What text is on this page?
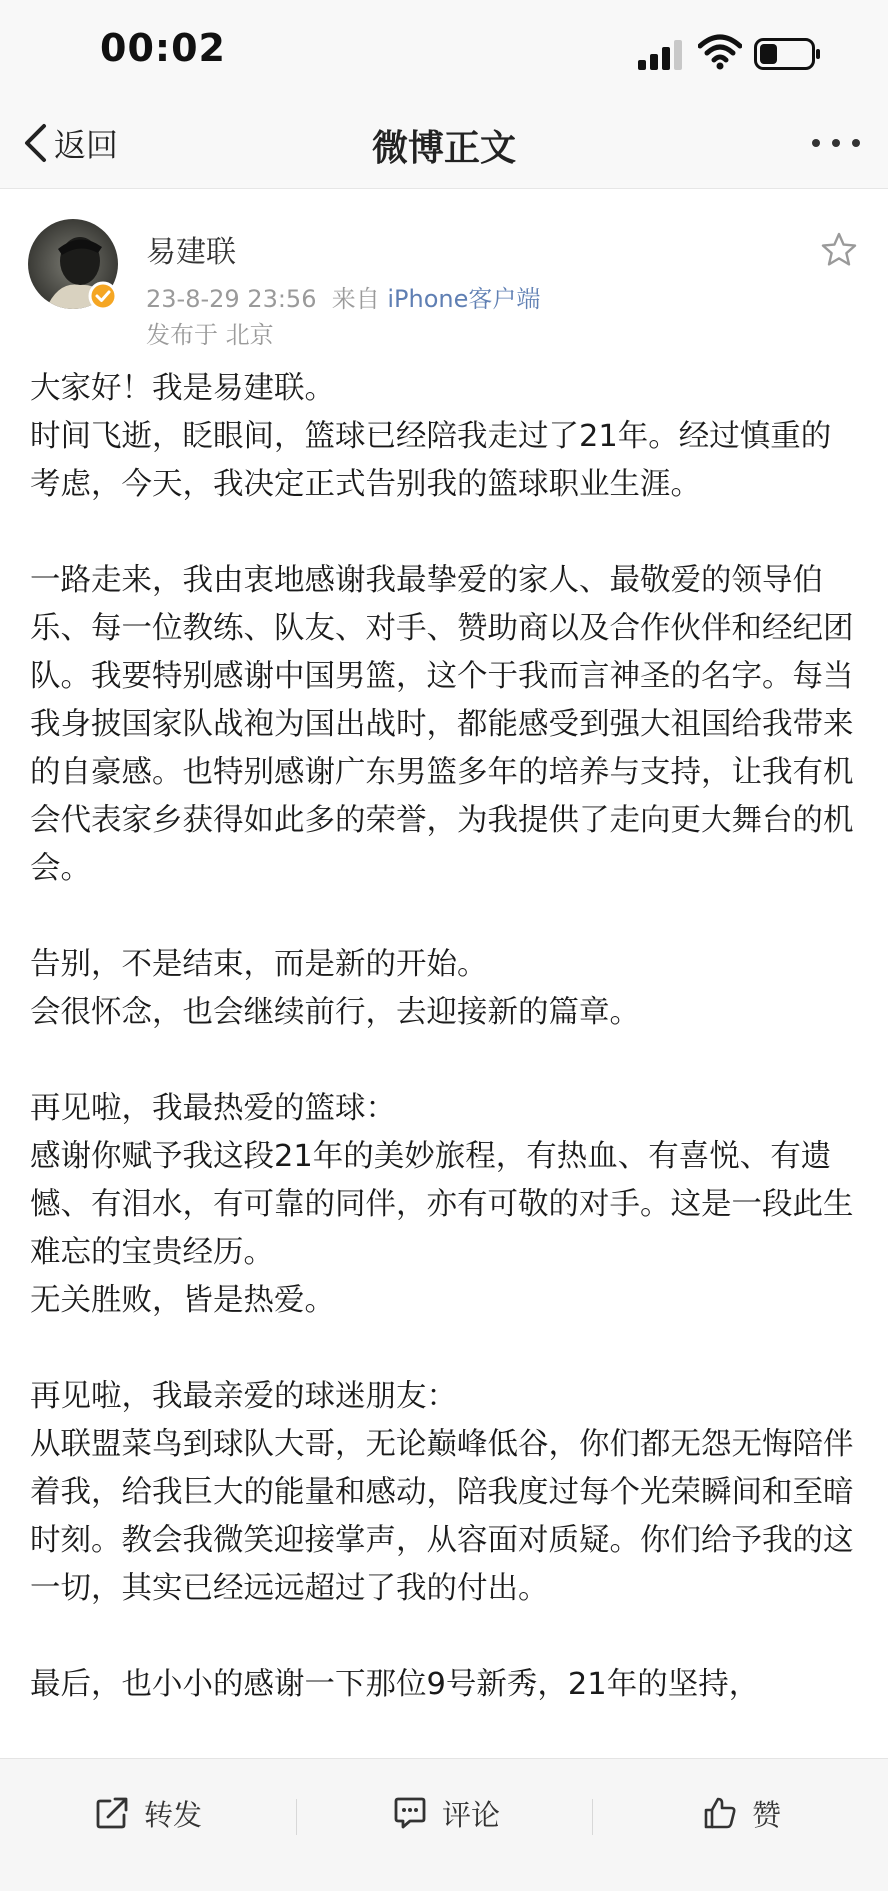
00:02
返回	微博正文
易建联
23-8-29 23:56 来自 iPhone客户端
发布于 北京

大家好！我是易建联。

时间飞逝，眨眼间，篮球已经陪我走过了21年。经过慎重的考虑，今天，我决定正式告别我的篮球职业生涯。

一路走来，我由衷地感谢我最挚爱的家人、最敬爱的领导伯乐、每一位教练、队友、对手、赞助商以及合作伙伴和经纪团队。我要特别感谢中国男篮，这个于我而言神圣的名字。每当我身披国家队战袍为国出战时，都能感受到强大祖国给我带来的自豪感。也特别感谢广东男篮多年的培养与支持，让我有机会代表家乡获得如此多的荣誉，为我提供了走向更大舞台的机会。

告别，不是结束，而是新的开始。

会很怀念，也会继续前行，去迎接新的篇章。

再见啦，我最热爱的篮球：

感谢你赋予我这段21年的美妙旅程，有热血、有喜悦、有遗憾、有泪水，有可靠的同伴，亦有可敬的对手。这是一段此生难忘的宝贵经历。

无关胜败，皆是热爱。

再见啦，我最亲爱的球迷朋友：

从联盟菜鸟到球队大哥，无论巅峰低谷，你们都无怨无悔陪伴着我，给我巨大的能量和感动，陪我度过每个光荣瞬间和至暗时刻。教会我微笑迎接掌声，从容面对质疑。你们给予我的这一切，其实已经远远超过了我的付出。

最后，也小小的感谢一下那位9号新秀，21年的坚持，

转发	评论	赞
